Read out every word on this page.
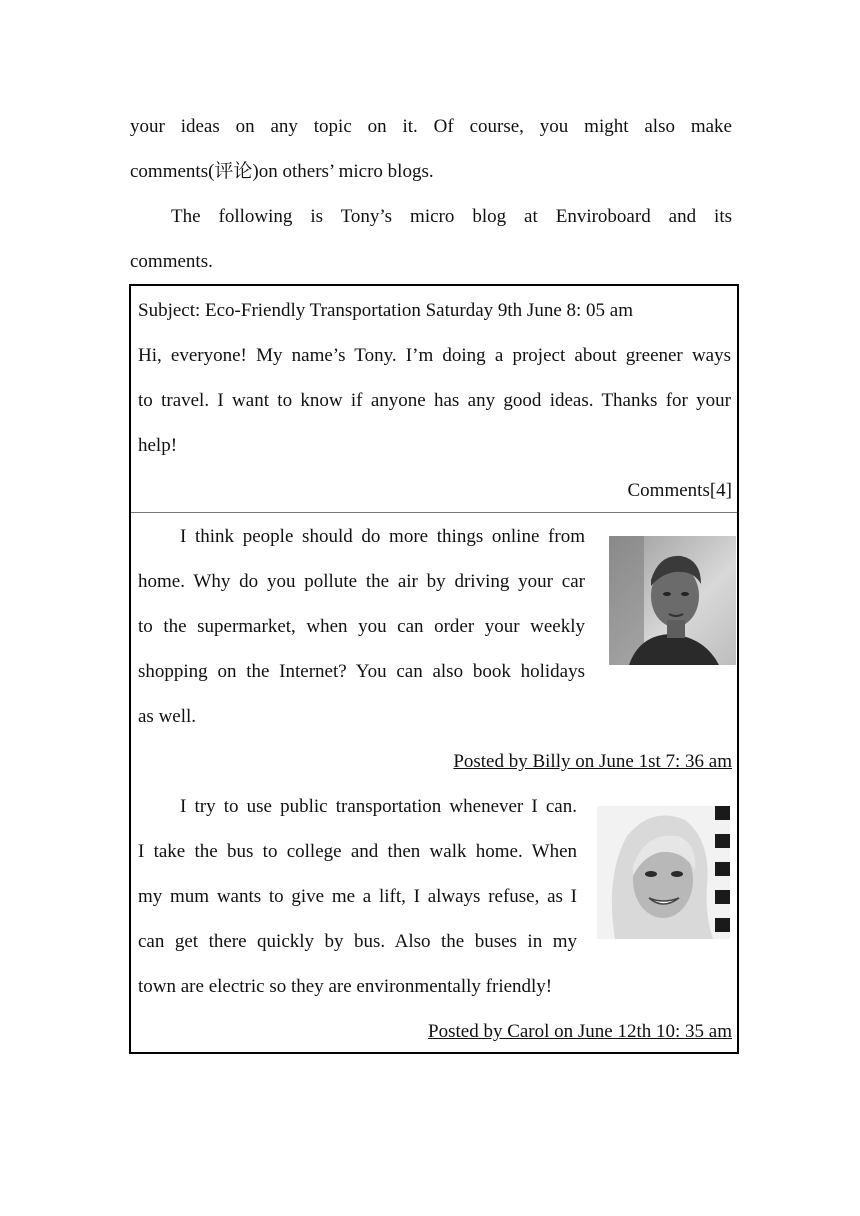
your ideas on any topic on it. Of course, you might also make
comments(评论)on others’ micro blogs.
The following is Tony’s micro blog at Enviroboard and its
comments.
Subject: Eco-Friendly Transportation Saturday 9th June 8: 05 am
Hi, everyone! My name’s Tony. I’m doing a project about greener ways
to travel. I want to know if anyone has any good ideas. Thanks for your
help!
Comments[4]
I think people should do more things online from
home. Why do you pollute the air by driving your car
to the supermarket, when you can order your weekly
shopping on the Internet? You can also book holidays
as well.
Posted by Billy on June 1st 7: 36 am
I try to use public transportation whenever I can.
I take the bus to college and then walk home. When
my mum wants to give me a lift, I always refuse, as I
can get there quickly by bus. Also the buses in my
town are electric so they are environmentally friendly!
Posted by Carol on June 12th 10: 35 am
